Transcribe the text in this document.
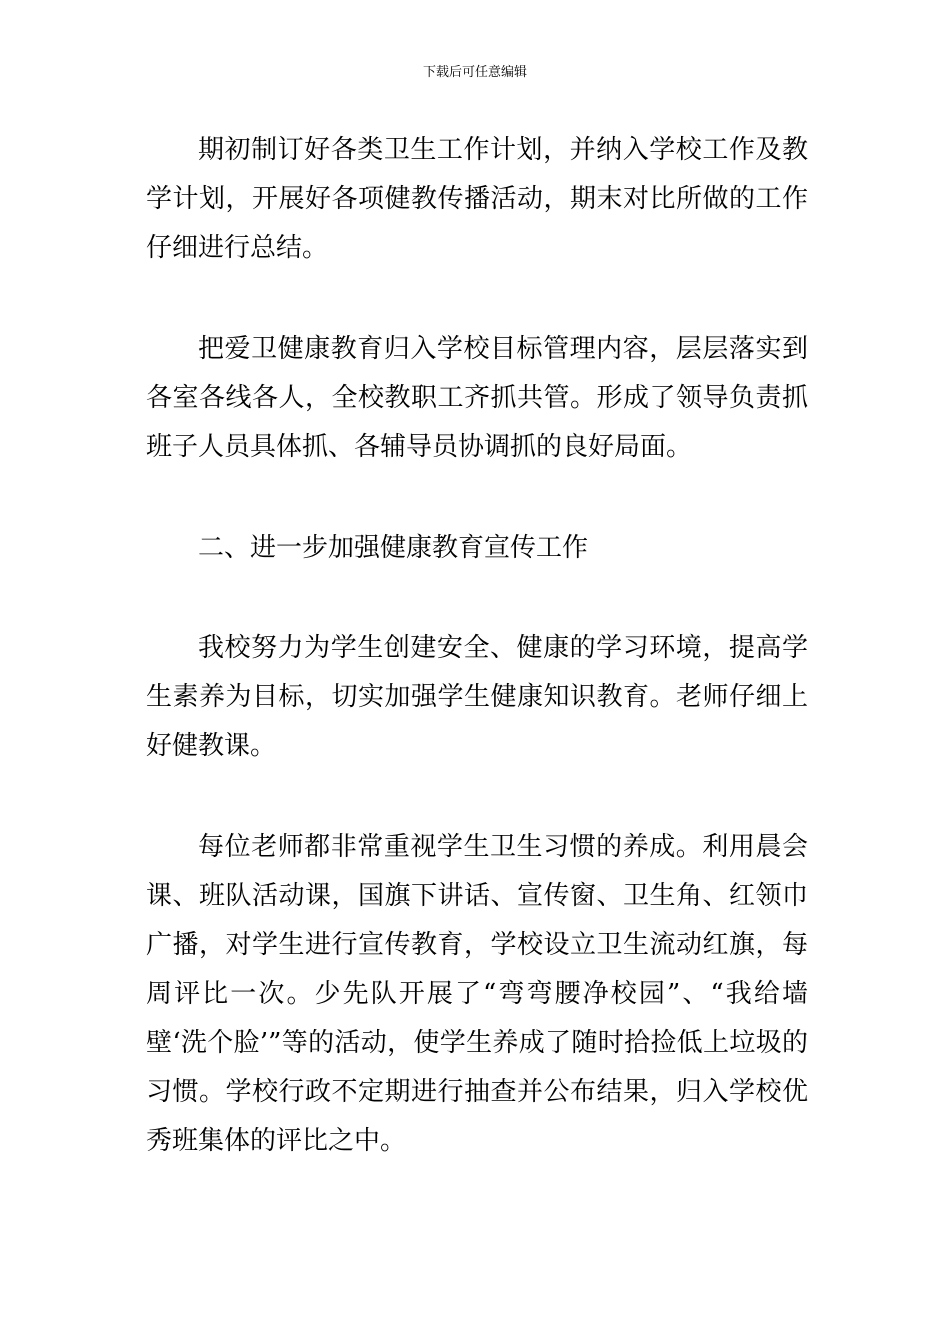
下载后可任意编辑

期初制订好各类卫生工作计划，并纳入学校工作及教学计划，开展好各项健教传播活动，期末对比所做的工作仔细进行总结。

把爱卫健康教育归入学校目标管理内容，层层落实到各室各线各人，全校教职工齐抓共管。形成了领导负责抓班子人员具体抓、各辅导员协调抓的良好局面。

二、进一步加强健康教育宣传工作

我校努力为学生创建安全、健康的学习环境，提高学生素养为目标，切实加强学生健康知识教育。老师仔细上好健教课。

每位老师都非常重视学生卫生习惯的养成。利用晨会课、班队活动课，国旗下讲话、宣传窗、卫生角、红领巾广播，对学生进行宣传教育，学校设立卫生流动红旗，每周评比一次。少先队开展了“弯弯腰净校园”、“我给墙壁‘洗个脸’”等的活动，使学生养成了随时拾捡低上垃圾的习惯。学校行政不定期进行抽查并公布结果，归入学校优秀班集体的评比之中。
